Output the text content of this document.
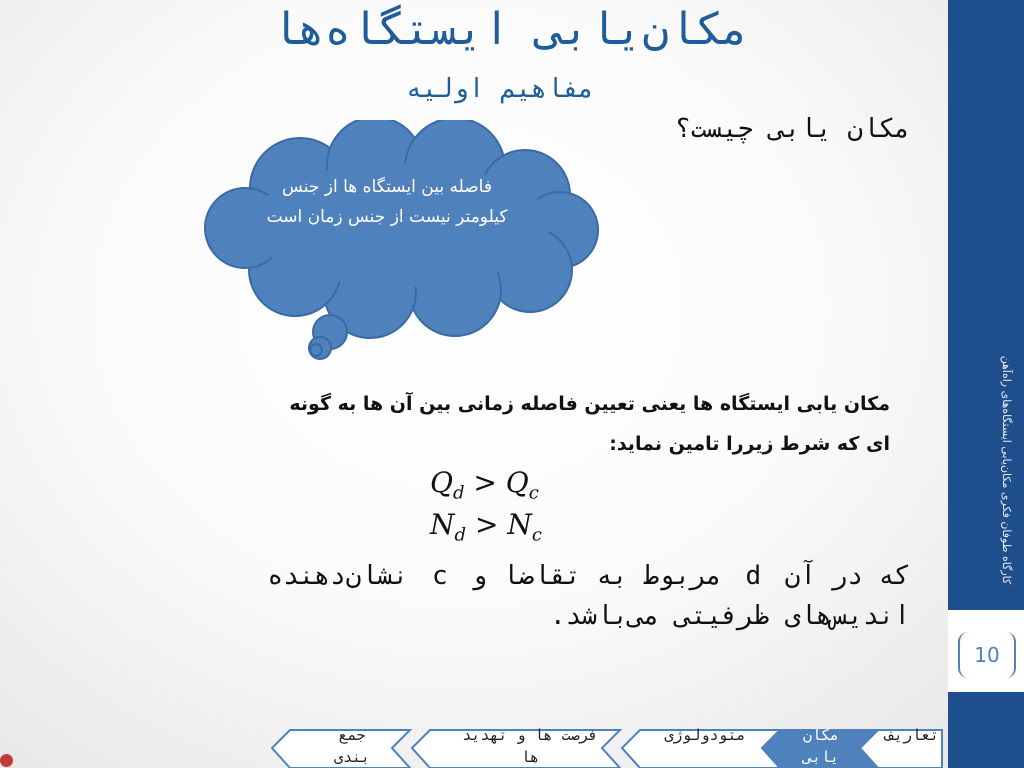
کارگاه طوفان فکری مکان‌یابی ایستگاه‌های راه‌آهن
10
مکان‌یابی ایستگاه‌ها
مفاهیم اولیه
مکان یابی چیست؟
فاصله بین ایستگاه ها از جنس کیلومتر نیست از جنس زمان است
مکان یابی ایستگاه ها یعنی تعیین فاصله زمانی بین آن ها به گونه
ای که شرط زیررا تامین نماید:
$Q_d > Q_c$
$N_d > N_c$
که در آن d مربوط به تقاضا و c نشان‌دهنده
اندیس‌های ظرفیتی می‌باشد.
جمع بندی
فرصت ها و تهدید ها
متودولوژی	مکان یابی
تعاریف
